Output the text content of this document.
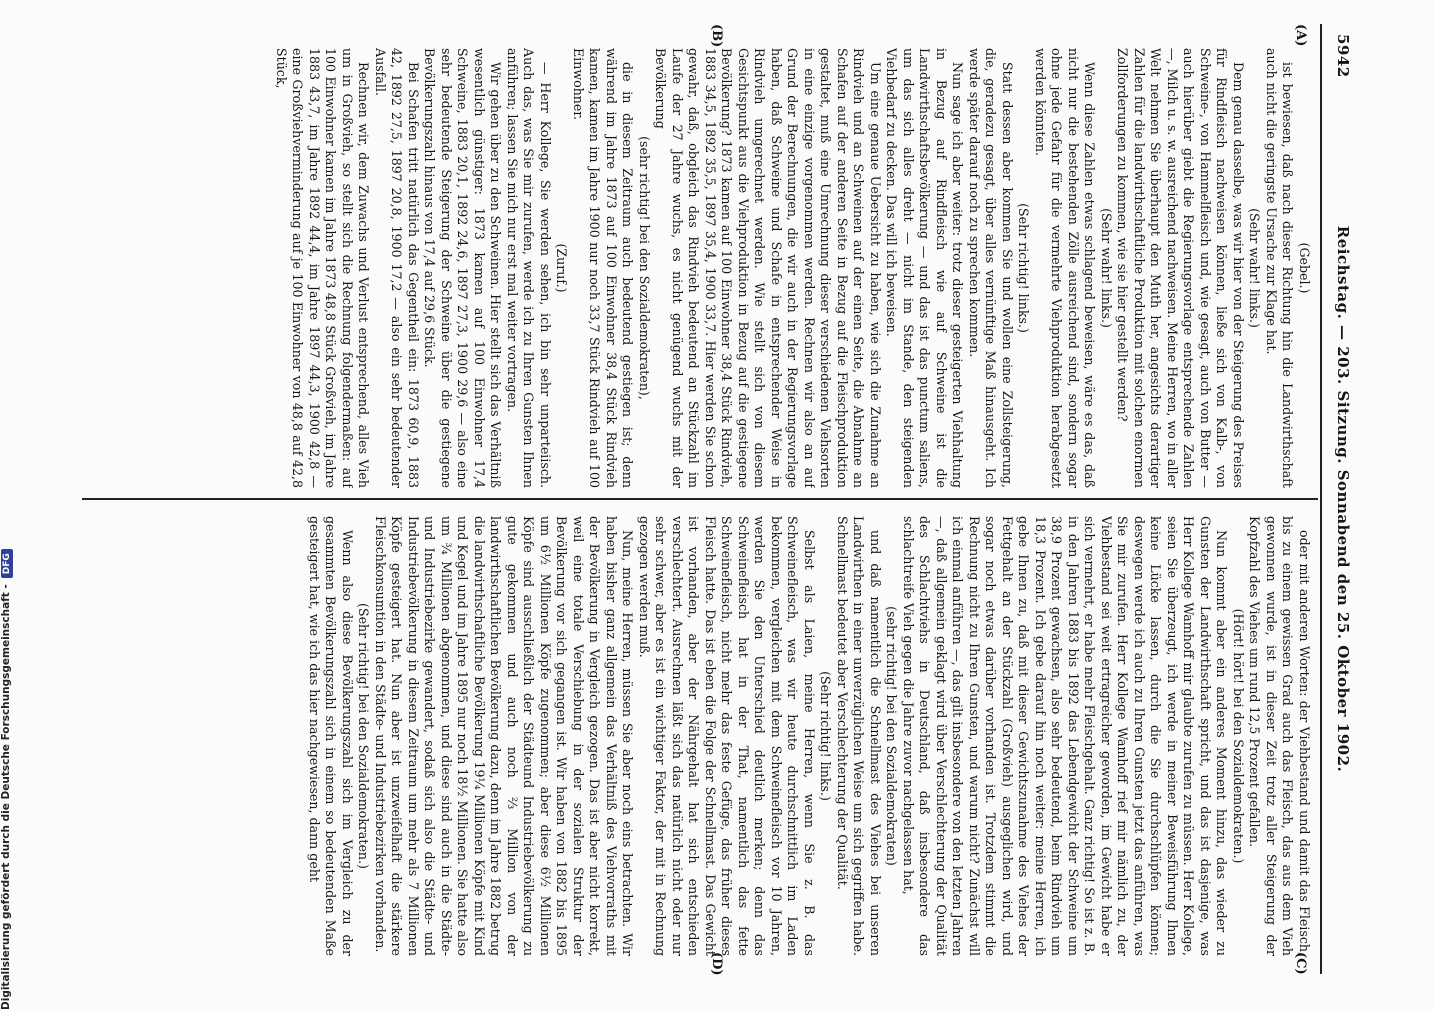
5942
Reichstag. — 203. Sitzung. Sonnabend den 25. Oktober 1902.
(A)
(B)
(C)
(D)

(Gebel.)

ist bewiesen, daß nach dieser Richtung hin die Landwirthschaft auch nicht die geringste Ursache zur Klage hat.

(Sehr wahr! links.)

Dem genau dasselbe, was wir hier von der Steigerung des Preises für Rindfleisch nachweisen können, ließe sich von Kalb-, von Schweine-, von Hammelfleisch und, wie gesagt, auch von Butter — auch hierüber giebt die Regierungsvorlage entsprechende Zahlen —, Milch u. s. w. ausreichend nachweisen. Meine Herren, wo in aller Welt nehmen Sie überhaupt den Muth her, angesichts derartiger Zahlen für die landwirthschaftliche Produktion mit solchen enormen Zollforderungen zu kommen, wie sie hier gestellt werden?

(Sehr wahr! links.)

Wenn diese Zahlen etwas schlagend beweisen, wäre es das, daß nicht nur die bestehenden Zölle ausreichend sind, sondern sogar ohne jede Gefahr für die vermehrte Viehproduktion herabgesetzt werden könnten.

(Sehr richtig! links.)

Statt dessen aber kommen Sie und wollen eine Zollsteigerung, die, geradezu gesagt, über alles vernünftige Maß hinausgeht. Ich werde später darauf noch zu sprechen kommen.

Nun sage ich aber weiter: trotz dieser gesteigerten Viehhaltung in Bezug auf Rindfleisch wie auf Schweine ist die Landwirthschaftsbevölkerung — und das ist das punctum saliens, um das sich alles dreht — nicht im Stande, den steigenden Viehbedarf zu decken. Das will ich beweisen.

Um eine genaue Uebersicht zu haben, wie sich die Zunahme an Rindvieh und an Schweinen auf der einen Seite, die Abnahme an Schafen auf der anderen Seite in Bezug auf die Fleischproduktion gestaltet, muß eine Umrechnung dieser verschiedenen Viehsorten in eine einzige vorgenommen werden. Rechnen wir also an auf Grund der Berechnungen, die wir auch in der Regierungsvorlage haben, daß Schweine und Schafe in entsprechender Weise in Rindvieh umgerechnet werden. Wie stellt sich von diesem Gesichtspunkt aus die Viehproduktion in Bezug auf die gestiegene Bevölkerung? 1873 kamen auf 100 Einwohner 38,4 Stück Rindvieh, 1883 34,5, 1892 35,5, 1897 35,4, 1900 33,7. Hier werden Sie schon gewahr, daß, obgleich das Rindvieh bedeutend an Stückzahl im Laufe der 27 Jahre wuchs, es nicht genügend wuchs mit der Bevölkerung

(sehr richtig! bei den Sozialdemokraten),

die in diesem Zeitraum auch bedeutend gestiegen ist; denn während im Jahre 1873 auf 100 Einwohner 38,4 Stück Rindvieh kamen, kamen im Jahre 1900 nur noch 33,7 Stück Rindvieh auf 100 Einwohner.

(Zuruf.)

— Herr Kollege, Sie werden sehen, ich bin sehr unparteiisch. Auch das, was Sie mir zurufen, werde ich zu Ihren Gunsten Ihnen anführen; lassen Sie mich nur erst mal weiter vortragen.

Wir gehen über zu den Schweinen. Hier stellt sich das Verhältniß wesentlich günstiger: 1873 kamen auf 100 Einwohner 17,4 Schweine, 1883 20,1, 1892 24,6, 1897 27,3, 1900 29,6 — also eine sehr bedeutende Steigerung der Schweine über die gestiegene Bevölkerungszahl hinaus von 17,4 auf 29,6 Stück.

Bei Schafen tritt natürlich das Gegentheil ein: 1873 60,9, 1883 42, 1892 27,5, 1897 20,8, 1900 17,2 — also ein sehr bedeutender Ausfall.

Rechnen wir, dem Zuwachs und Verlust entsprechend, alles Vieh um in Großvieh, so stellt sich die Rechnung folgendermaßen: auf 100 Einwohner kamen im Jahre 1873 48,8 Stück Großvieh, im Jahre 1883 43,7, im Jahre 1892 44,4, im Jahre 1897 44,3, 1900 42,8 — eine Großviehverminderung auf je 100 Einwohner von 48,8 auf 42,8 Stück,

oder mit anderen Worten: der Viehbestand und damit das Fleisch, bis zu einem gewissen Grad auch das Fleisch, das aus dem Vieh gewonnen wurde, ist in dieser Zeit trotz aller Steigerung der Kopfzahl des Viehes um rund 12,5 Prozent gefallen.

(Hört! hört! bei den Sozialdemokraten.)

Nun kommt aber ein anderes Moment hinzu, das wieder zu Gunsten der Landwirthschaft spricht, und das ist dasjenige, was Herr Kollege Wamhoff mir glaubte zurufen zu müssen. Herr Kollege, seien Sie überzeugt, ich werde in meiner Beweisführung Ihnen keine Lücke lassen, durch die Sie durchschlüpfen können; deswegen werde ich auch zu Ihren Gunsten jetzt das anführen, was Sie mir zurufen. Herr Kollege Wamhoff rief mir nämlich zu, der Viehbestand sei weit ertragreicher geworden, im Gewicht habe er sich vermehrt, er habe mehr Fleischgehalt. Ganz richtig! So ist z. B. in den Jahren 1883 bis 1892 das Lebendgewicht der Schweine um 38,9 Prozent gewachsen, also sehr bedeutend, beim Rindvieh um 18,3 Prozent. Ich gebe darauf hin noch weiter: meine Herren, ich gebe Ihnen zu, daß mit dieser Gewichtszunahme des Viehes der Fettgehalt an der Stückzahl (Großvieh) ausgeglichen wird, und sogar noch etwas darüber vorhanden ist. Trotzdem stimmt die Rechnung nicht zu Ihren Gunsten, und warum nicht? Zunächst will ich einmal anführen —, das gilt insbesondere von den letzten Jahren —, daß allgemein geklagt wird über Verschlechterung der Qualität des Schlachtviehs in Deutschland, daß insbesondere das schlachtreife Vieh gegen die Jahre zuvor nachgelassen hat,

(sehr richtig! bei den Sozialdemokraten)

und daß namentlich die Schnellmast des Viehes bei unseren Landwirthen in einer unverzüglichen Weise um sich gegriffen habe. Schnellmast bedeutet aber Verschlechterung der Qualität.

(Sehr richtig! links.)

Selbst als Laien, meine Herren, wenn Sie z. B. das Schweinefleisch, was wir heute durchschnittlich im Laden bekommen, vergleichen mit dem Schweinefleisch vor 10 Jahren, werden Sie den Unterschied deutlich merken; denn das Schweinefleisch hat in der That, namentlich das fette Schweinefleisch, nicht mehr das feste Gefüge, das früher dieses Fleisch hatte. Das ist eben die Folge der Schnellmast. Das Gewicht ist vorhanden, aber der Nährgehalt hat sich entschieden verschlechtert. Ausrechnen läßt sich das natürlich nicht oder nur sehr schwer, aber es ist ein wichtiger Faktor, der mit in Rechnung gezogen werden muß.

Nun, meine Herren, müssen Sie aber noch eins betrachten. Wir haben bisher ganz allgemein das Verhältniß des Viehvorraths mit der Bevölkerung in Vergleich gezogen. Das ist aber nicht korrekt, weil eine totale Verschiebung in der sozialen Struktur der Bevölkerung vor sich gegangen ist. Wir haben von 1882 bis 1895 um 6½ Millionen Köpfe zugenommen; aber diese 6½ Millionen Köpfe sind ausschließlich der Städteund Industriebevölkerung zu gute gekommen und auch noch ⅔ Million von der landwirthschaftlichen Bevölkerung dazu, denn im Jahre 1882 betrug die landwirthschaftliche Bevölkerung 19¼ Millionen Köpfe mit Kind und Kegel und im Jahre 1895 nur noch 18½ Millionen. Sie hatte also um ¾ Millionen abgenommen, und diese sind auch in die Städte- und Industriebezirke gewandert, sodaß sich also die Städte- und Industriebevölkerung in diesem Zeitraum um mehr als 7 Millionen Köpfe gesteigert hat. Nun aber ist unzweifelhaft die stärkere Fleischkonsumtion in den Städte- und Industriebezirken vorhanden.

(Sehr richtig! bei den Sozialdemokraten.)

Wenn also diese Bevölkerungszahl sich im Vergleich zu der gesammten Bevölkerungszahl sich in einem so bedeutenden Maße gesteigert hat, wie ich das hier nachgewiesen, dann geht

Digitalisierung gefördert durch die Deutsche Forschungsgemeinschaft -DFG
